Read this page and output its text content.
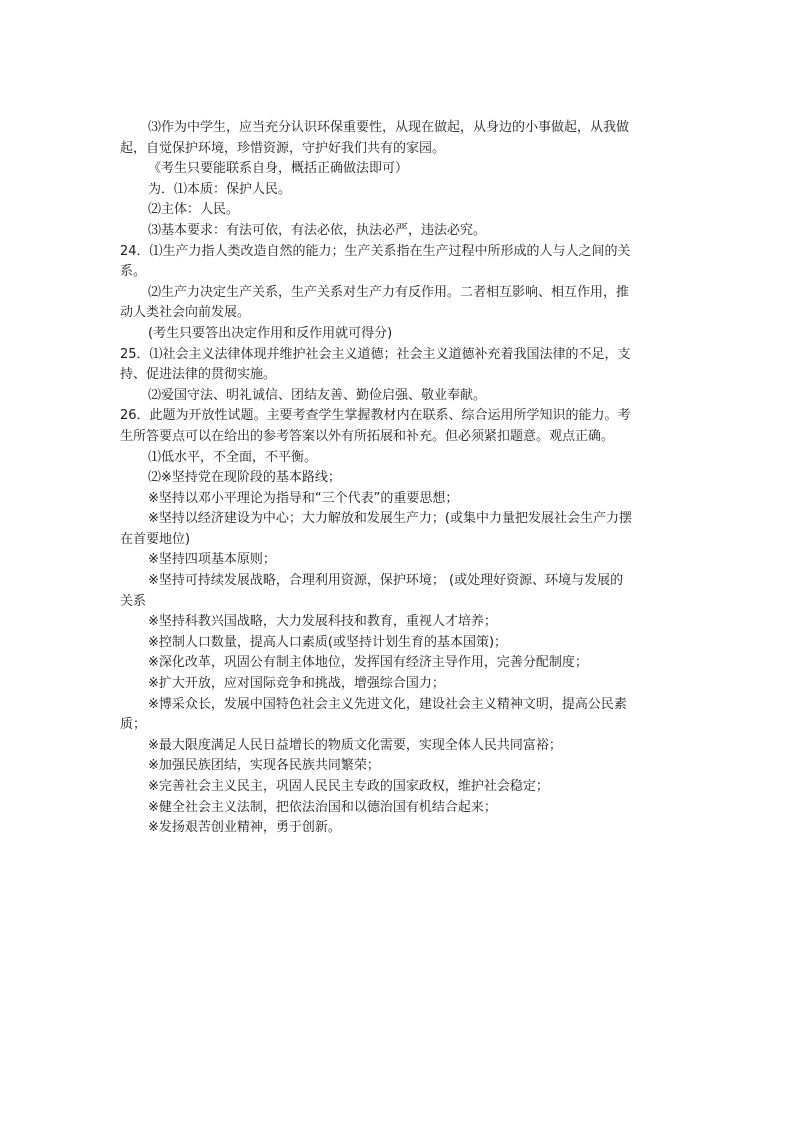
⑶作为中学生，应当充分认识环保重要性，从现在做起，从身边的小事做起，从我做
起，自觉保护环境，珍惜资源，守护好我们共有的家园。
《考生只要能联系自身，概括正确做法即可）
为．⑴本质：保护人民。
⑵主体：人民。
⑶基本要求：有法可依，有法必依，执法必严，违法必究。
24．⑴生产力指人类改造自然的能力；生产关系指在生产过程中所形成的人与人之间的关
系。
⑵生产力决定生产关系，生产关系对生产力有反作用。二者相互影响、相互作用，推
动人类社会向前发展。
(考生只要答出决定作用和反作用就可得分)
25．⑴社会主义法律体现并维护社会主义道德；社会主义道德补充着我国法律的不足，支
持、促进法律的贯彻实施。
⑵爱国守法、明礼诚信、团结友善、勤俭启强、敬业奉献。
26．此题为开放性试题。主要考查学生掌握教材内在联系、综合运用所学知识的能力。考
生所答要点可以在给出的参考答案以外有所拓展和补充。但必须紧扣题意。观点正确。
⑴低水平，不全面，不平衡。
⑵※坚持党在现阶段的基本路线；
※坚持以邓小平理论为指导和“三个代表”的重要思想；
※坚持以经济建设为中心；大力解放和发展生产力；(或集中力量把发展社会生产力摆
在首要地位)
※坚持四项基本原则；
※坚持可持续发展战略，合理利用资源，保护环境； (或处理好资源、环境与发展的
关系
※坚持科教兴国战略，大力发展科技和教育，重视人才培养；
※控制人口数量，提高人口素质(或坚持计划生育的基本国策)；
※深化改革，巩固公有制主体地位，发挥国有经济主导作用，完善分配制度；
※扩大开放，应对国际竞争和挑战，增强综合国力；
※博采众长，发展中国特色社会主义先进文化，建设社会主义精神文明，提高公民素
质；
※最大限度满足人民日益增长的物质文化需要，实现全体人民共同富裕；
※加强民族团结，实现各民族共同繁荣；
※完善社会主义民主，巩固人民民主专政的国家政权，维护社会稳定；
※健全社会主义法制，把依法治国和以德治国有机结合起来；
※发扬艰苦创业精神，勇于创新。
